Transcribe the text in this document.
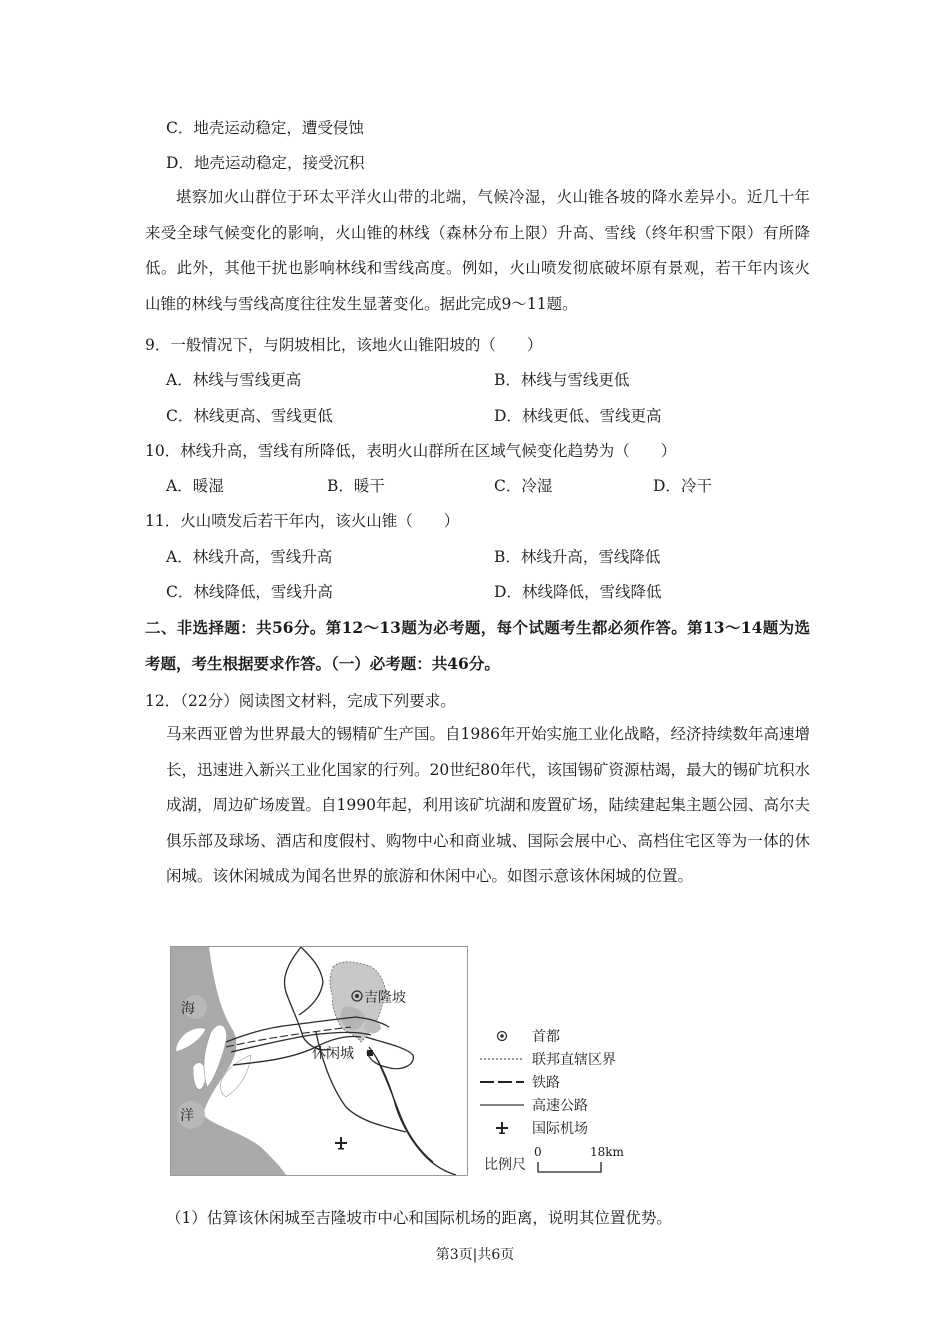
C．地壳运动稳定，遭受侵蚀
D．地壳运动稳定，接受沉积
堪察加火山群位于环太平洋火山带的北端，气候冷湿，火山锥各坡的降水差异小。近几十年来受全球气候变化的影响，火山锥的林线（森林分布上限）升高、雪线（终年积雪下限）有所降低。此外，其他干扰也影响林线和雪线高度。例如，火山喷发彻底破坏原有景观，若干年内该火山锥的林线与雪线高度往往发生显著变化。据此完成9～11题。
9．一般情况下，与阴坡相比，该地火山锥阳坡的（　　）
A．林线与雪线更高	B．林线与雪线更低
C．林线更高、雪线更低	D．林线更低、雪线更高
10．林线升高，雪线有所降低，表明火山群所在区域气候变化趋势为（　　）
A．暖湿	B．暖干	C．冷湿	D．冷干
11．火山喷发后若干年内，该火山锥（　　）
A．林线升高，雪线升高	B．林线升高，雪线降低
C．林线降低，雪线升高	D．林线降低，雪线降低
二、非选择题：共56分。第12～13题为必考题，每个试题考生都必须作答。第13～14题为选考题，考生根据要求作答。（一）必考题：共46分。
12．（22分）阅读图文材料，完成下列要求。
马来西亚曾为世界最大的锡精矿生产国。自1986年开始实施工业化战略，经济持续数年高速增长，迅速进入新兴工业化国家的行列。20世纪80年代，该国锡矿资源枯竭，最大的锡矿坑积水成湖，周边矿场废置。自1990年起，利用该矿坑湖和废置矿场，陆续建起集主题公园、高尔夫俱乐部及球场、酒店和度假村、购物中心和商业城、国际会展中心、高档住宅区等为一体的休闲城。该休闲城成为闻名世界的旅游和休闲中心。如图示意该休闲城的位置。
海
洋
吉隆坡
休闲城
首都
联邦直辖区界
铁路
高速公路
国际机场
比例尺
0	18km
（1）估算该休闲城至吉隆坡市中心和国际机场的距离，说明其位置优势。
第3页|共6页
